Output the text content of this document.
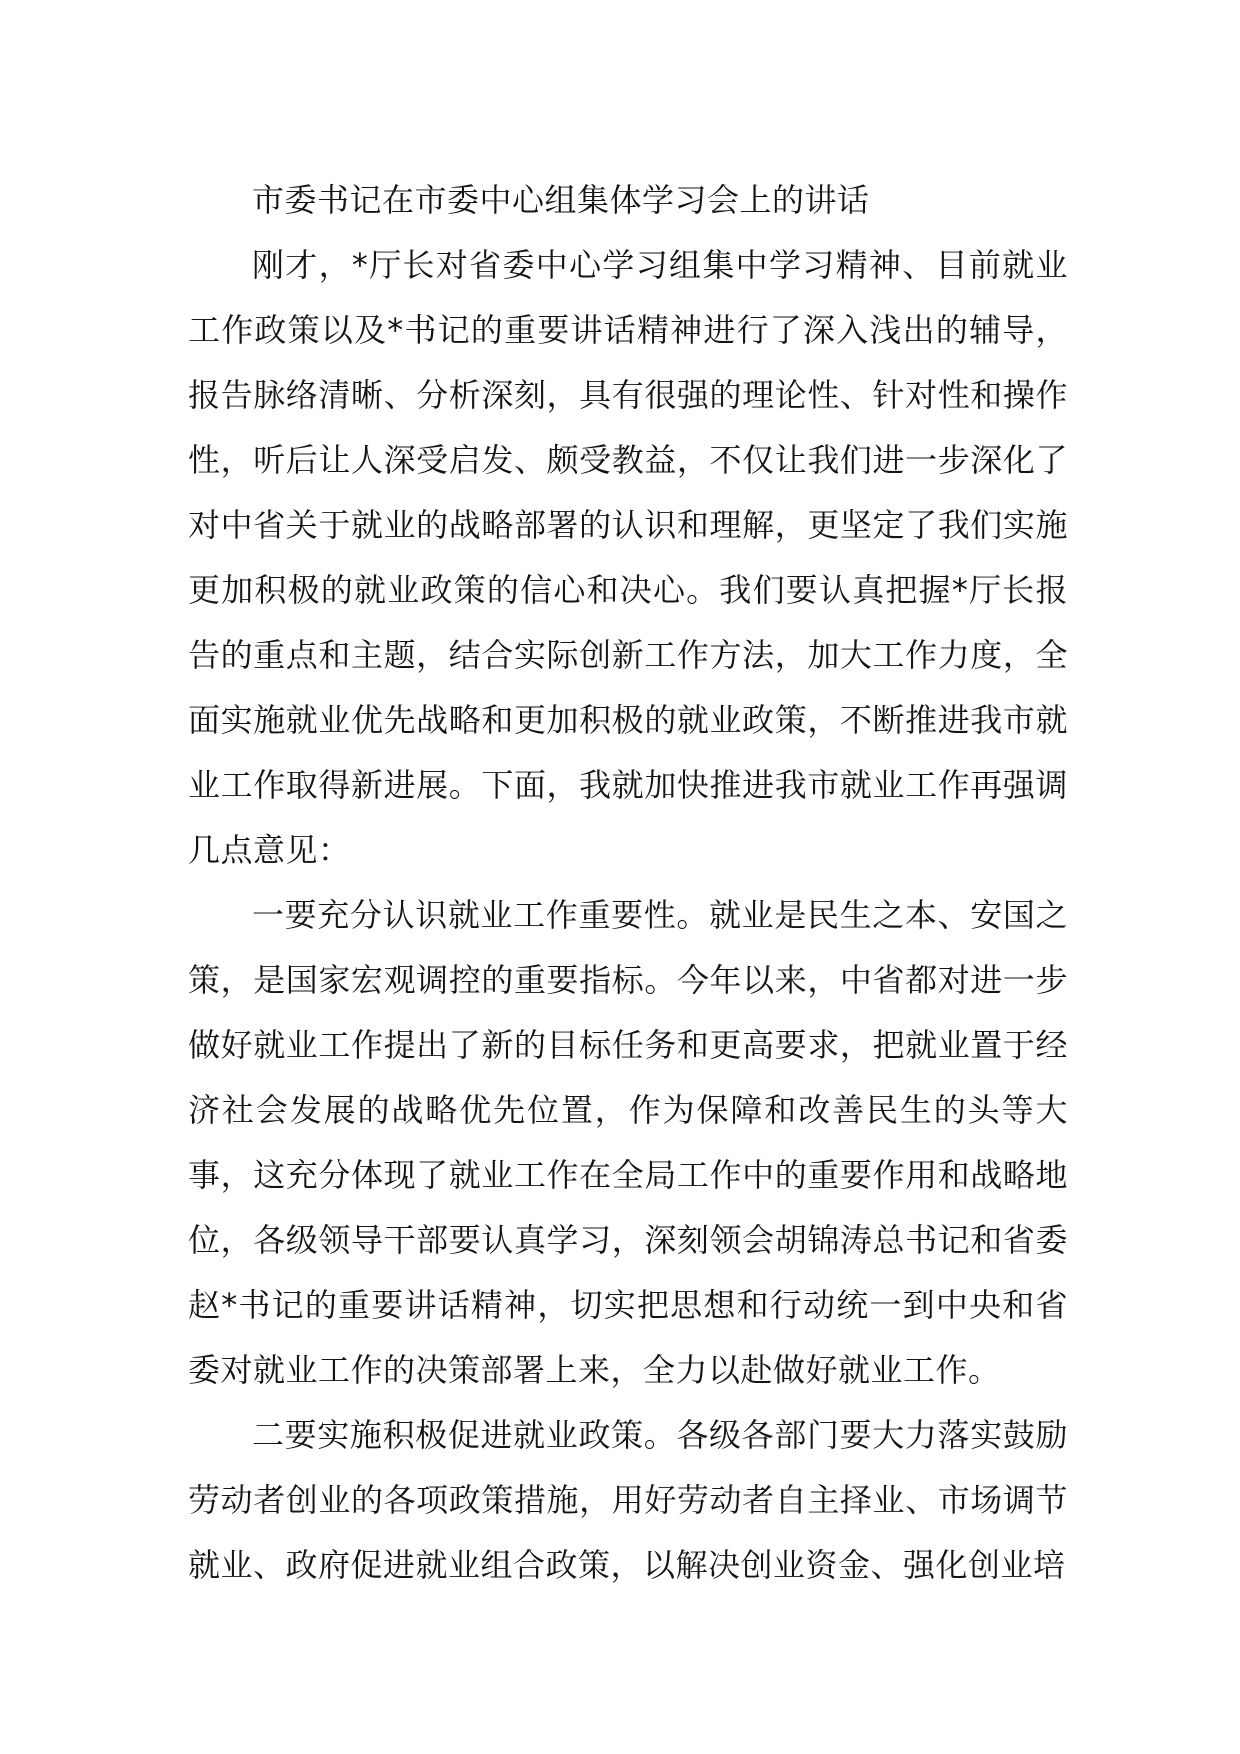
市委书记在市委中心组集体学习会上的讲话

刚才，*厅长对省委中心学习组集中学习精神、目前就业工作政策以及*书记的重要讲话精神进行了深入浅出的辅导，报告脉络清晰、分析深刻，具有很强的理论性、针对性和操作性，听后让人深受启发、颇受教益，不仅让我们进一步深化了对中省关于就业的战略部署的认识和理解，更坚定了我们实施更加积极的就业政策的信心和决心。我们要认真把握*厅长报告的重点和主题，结合实际创新工作方法，加大工作力度，全面实施就业优先战略和更加积极的就业政策，不断推进我市就业工作取得新进展。下面，我就加快推进我市就业工作再强调几点意见：

一要充分认识就业工作重要性。就业是民生之本、安国之策，是国家宏观调控的重要指标。今年以来，中省都对进一步做好就业工作提出了新的目标任务和更高要求，把就业置于经济社会发展的战略优先位置，作为保障和改善民生的头等大事，这充分体现了就业工作在全局工作中的重要作用和战略地位，各级领导干部要认真学习，深刻领会胡锦涛总书记和省委赵*书记的重要讲话精神，切实把思想和行动统一到中央和省委对就业工作的决策部署上来，全力以赴做好就业工作。

二要实施积极促进就业政策。各级各部门要大力落实鼓励劳动者创业的各项政策措施，用好劳动者自主择业、市场调节就业、政府促进就业组合政策，以解决创业资金、强化创业培
